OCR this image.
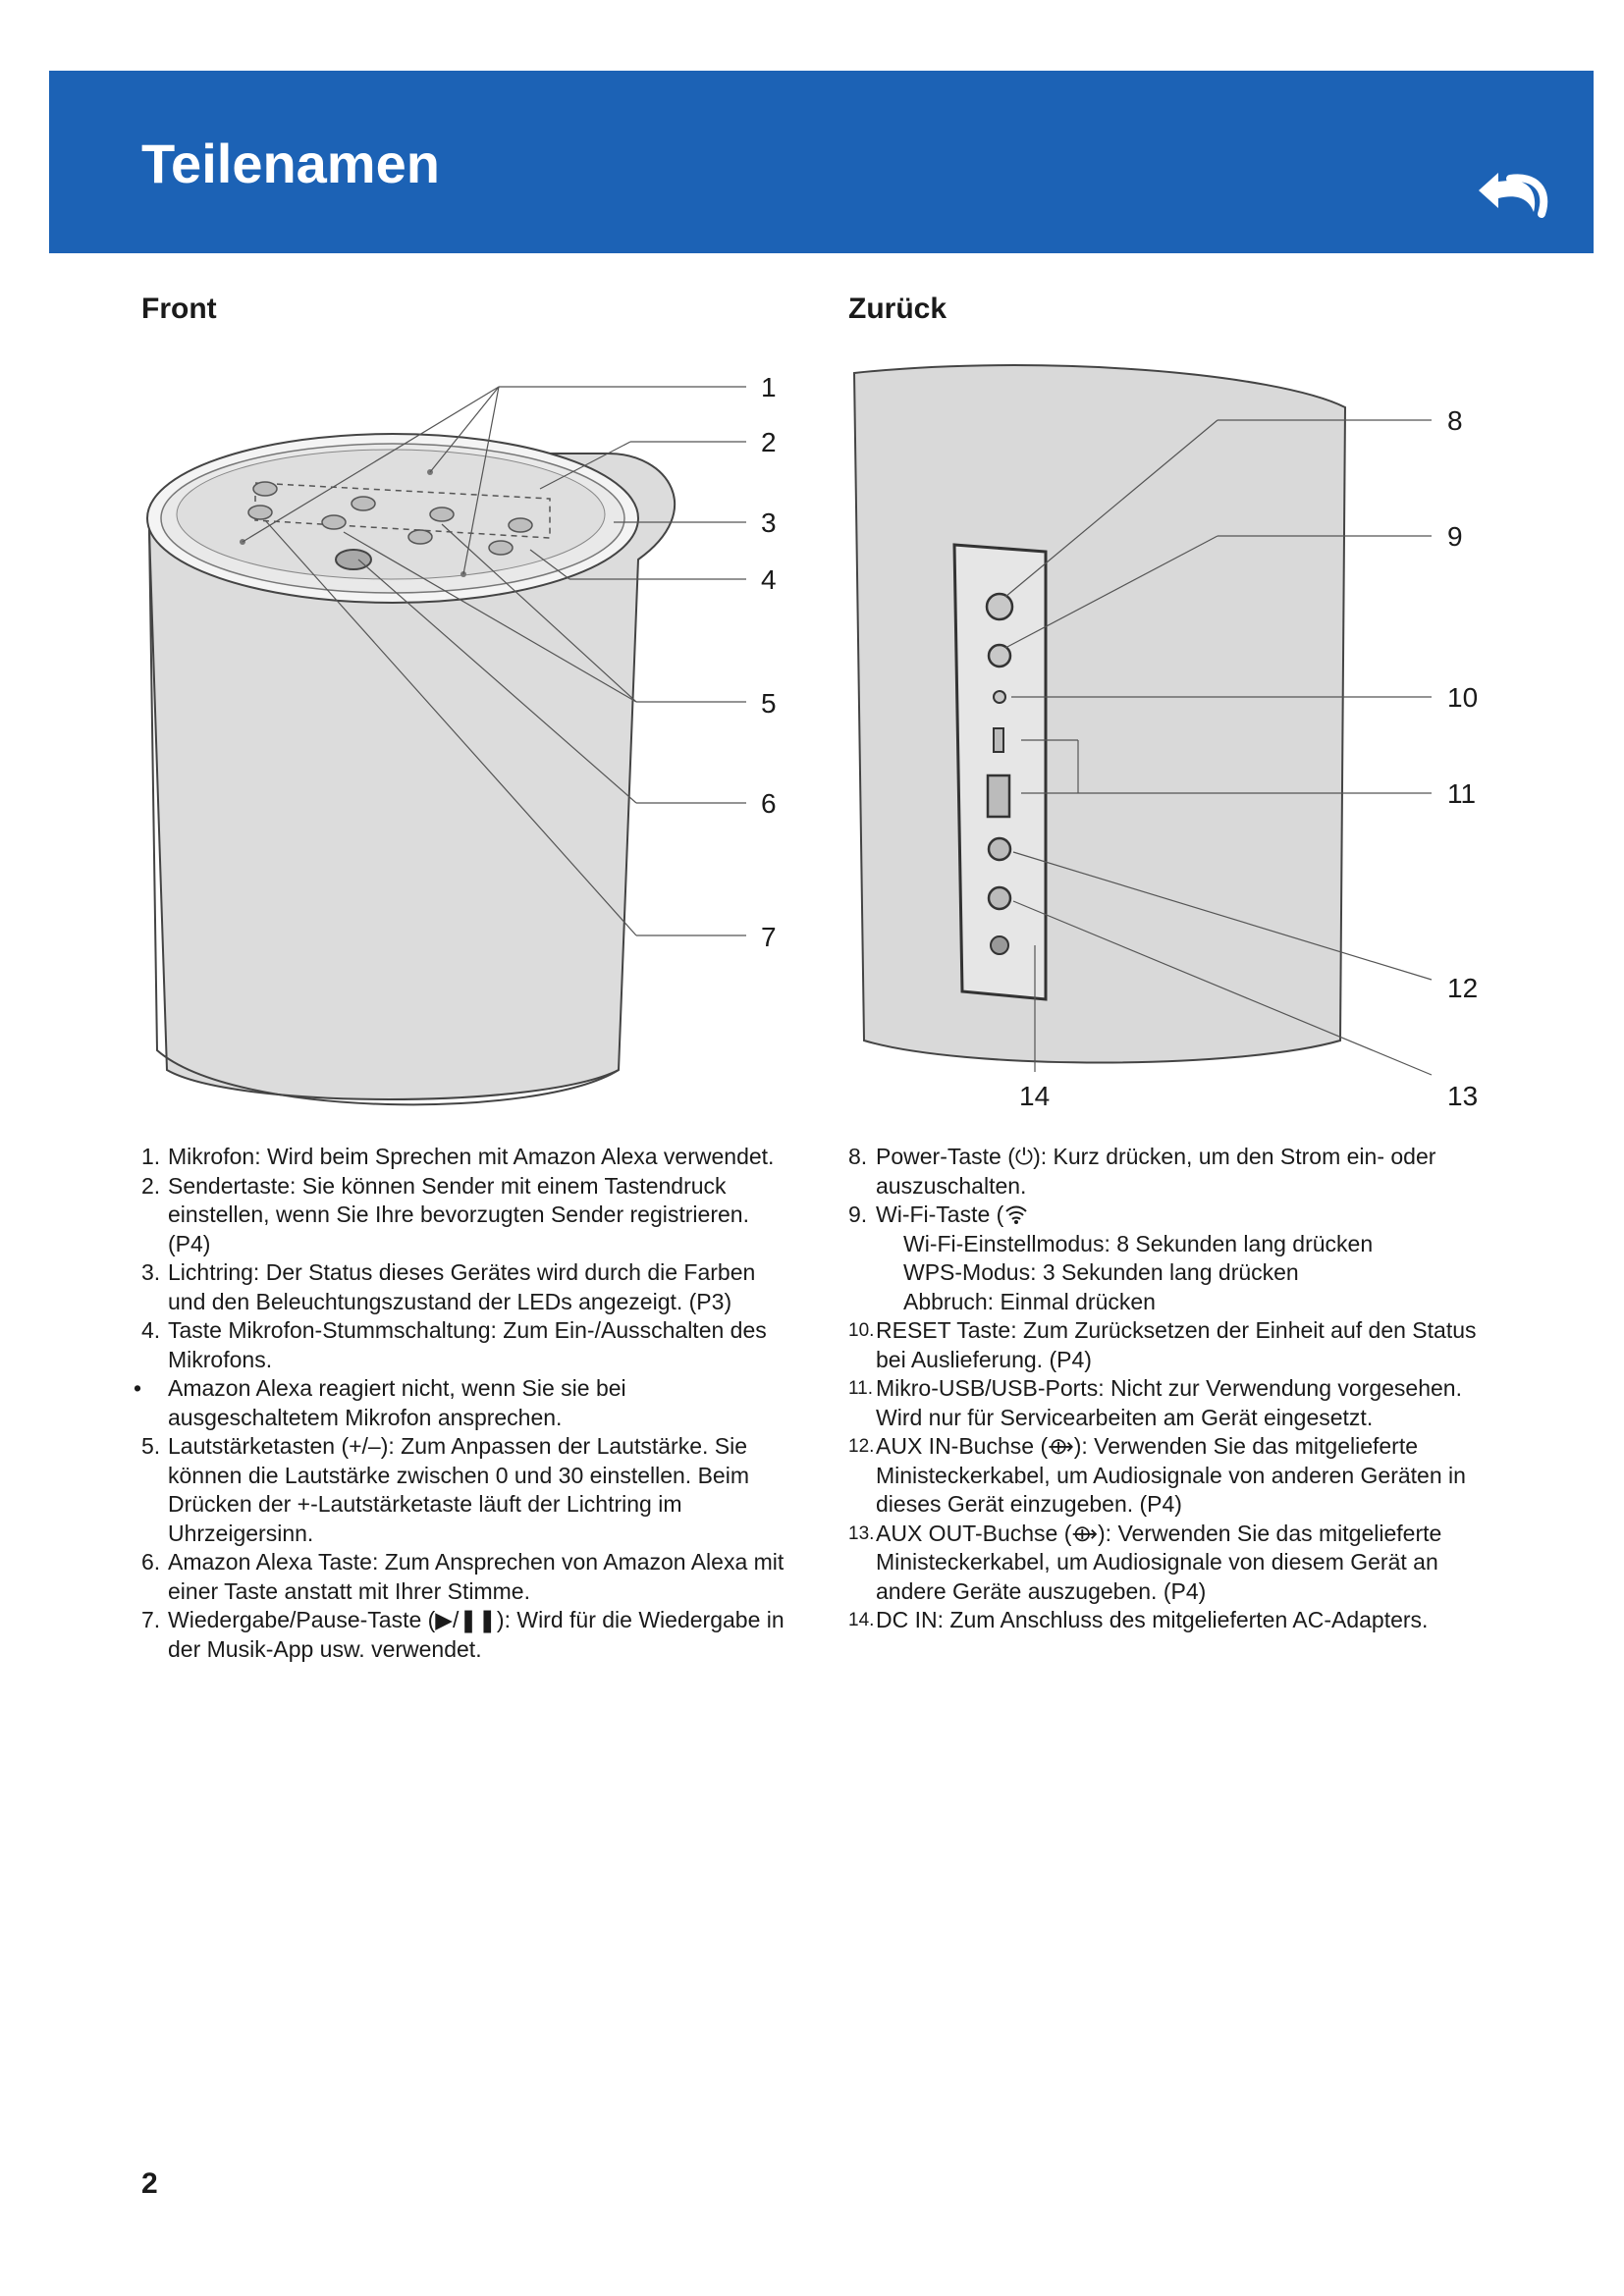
Teilenamen
Front	Zurück
1
2
3
4
5
6
7
8
9
10
11
12
13
14
1. Mikrofon: Wird beim Sprechen mit Amazon Alexa verwendet.
2. Sendertaste: Sie können Sender mit einem Tastendruck einstellen, wenn Sie Ihre bevorzugten Sender registrieren. (P4)
3. Lichtring: Der Status dieses Gerätes wird durch die Farben und den Beleuchtungszustand der LEDs angezeigt. (P3)
4. Taste Mikrofon-Stummschaltung: Zum Ein-/Ausschalten des Mikrofons.
• Amazon Alexa reagiert nicht, wenn Sie sie bei ausgeschaltetem Mikrofon ansprechen.
5. Lautstärketasten (+/–): Zum Anpassen der Lautstärke. Sie können die Lautstärke zwischen 0 und 30 einstellen. Beim Drücken der +-Lautstärketaste läuft der Lichtring im Uhrzeigersinn.
6. Amazon Alexa Taste: Zum Ansprechen von Amazon Alexa mit einer Taste anstatt mit Ihrer Stimme.
7. Wiedergabe/Pause-Taste (▶/❚❚): Wird für die Wiedergabe in der Musik-App usw. verwendet.
8. Power-Taste (⏻): Kurz drücken, um den Strom ein- oder auszuschalten.
9. Wi-Fi-Taste (
Wi-Fi-Einstellmodus: 8 Sekunden lang drücken
WPS-Modus: 3 Sekunden lang drücken
Abbruch: Einmal drücken
10. RESET Taste: Zum Zurücksetzen der Einheit auf den Status bei Auslieferung. (P4)
11. Mikro-USB/USB-Ports: Nicht zur Verwendung vorgesehen. Wird nur für Servicearbeiten am Gerät eingesetzt.
12. AUX IN-Buchse (⟴): Verwenden Sie das mitgelieferte Ministeckerkabel, um Audiosignale von anderen Geräten in dieses Gerät einzugeben. (P4)
13. AUX OUT-Buchse (⟴): Verwenden Sie das mitgelieferte Ministeckerkabel, um Audiosignale von diesem Gerät an andere Geräte auszugeben. (P4)
14. DC IN: Zum Anschluss des mitgelieferten AC-Adapters.
2
